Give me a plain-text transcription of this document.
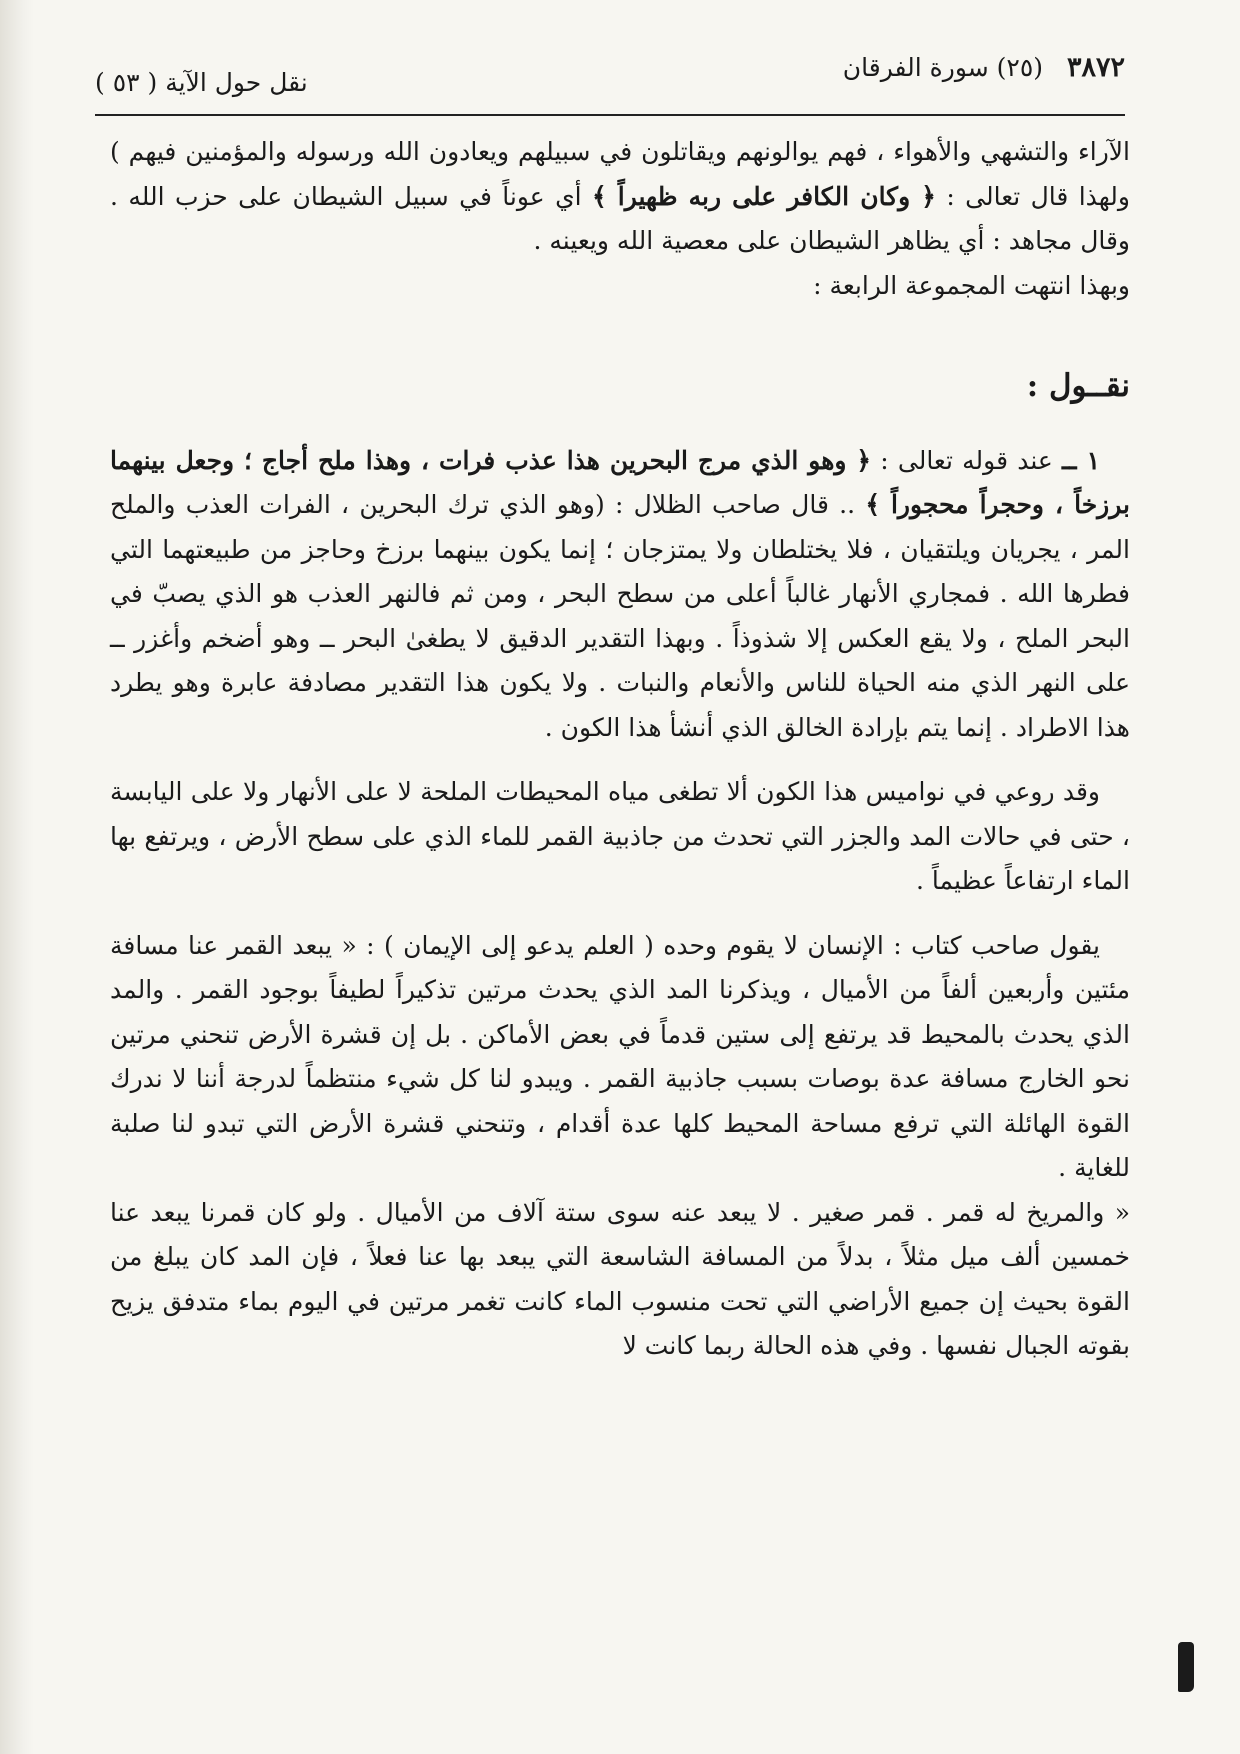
٣٨٧٢ (٢٥) سورة الفرقان
نقل حول الآية ( ٥٣ )

الآراء والتشهي والأهواء ، فهم يوالونهم ويقاتلون في سبيلهم ويعادون الله ورسوله والمؤمنين فيهم ) ولهذا قال تعالى : ﴿ وكان الكافر على ربه ظهيراً ﴾ أي عوناً في سبيل الشيطان على حزب الله . وقال مجاهد : أي يظاهر الشيطان على معصية الله ويعينه .

وبهذا انتهت المجموعة الرابعة :

نقــول :

١ ــ عند قوله تعالى : ﴿ وهو الذي مرج البحرين هذا عذب فرات ، وهذا ملح أجاج ؛ وجعل بينهما برزخاً ، وحجراً محجوراً ﴾ .. قال صاحب الظلال : (وهو الذي ترك البحرين ، الفرات العذب والملح المر ، يجريان ويلتقيان ، فلا يختلطان ولا يمتزجان ؛ إنما يكون بينهما برزخ وحاجز من طبيعتهما التي فطرها الله . فمجاري الأنهار غالباً أعلى من سطح البحر ، ومن ثم فالنهر العذب هو الذي يصبّ في البحر الملح ، ولا يقع العكس إلا شذوذاً . وبهذا التقدير الدقيق لا يطغىٰ البحر ــ وهو أضخم وأغزر ــ على النهر الذي منه الحياة للناس والأنعام والنبات . ولا يكون هذا التقدير مصادفة عابرة وهو يطرد هذا الاطراد . إنما يتم بإرادة الخالق الذي أنشأ هذا الكون .

وقد روعي في نواميس هذا الكون ألا تطغى مياه المحيطات الملحة لا على الأنهار ولا على اليابسة ، حتى في حالات المد والجزر التي تحدث من جاذبية القمر للماء الذي على سطح الأرض ، ويرتفع بها الماء ارتفاعاً عظيماً .

يقول صاحب كتاب : الإنسان لا يقوم وحده ( العلم يدعو إلى الإيمان ) : « يبعد القمر عنا مسافة مئتين وأربعين ألفاً من الأميال ، ويذكرنا المد الذي يحدث مرتين تذكيراً لطيفاً بوجود القمر . والمد الذي يحدث بالمحيط قد يرتفع إلى ستين قدماً في بعض الأماكن . بل إن قشرة الأرض تنحني مرتين نحو الخارج مسافة عدة بوصات بسبب جاذبية القمر . ويبدو لنا كل شيء منتظماً لدرجة أننا لا ندرك القوة الهائلة التي ترفع مساحة المحيط كلها عدة أقدام ، وتنحني قشرة الأرض التي تبدو لنا صلبة للغاية .

« والمريخ له قمر . قمر صغير . لا يبعد عنه سوى ستة آلاف من الأميال . ولو كان قمرنا يبعد عنا خمسين ألف ميل مثلاً ، بدلاً من المسافة الشاسعة التي يبعد بها عنا فعلاً ، فإن المد كان يبلغ من القوة بحيث إن جميع الأراضي التي تحت منسوب الماء كانت تغمر مرتين في اليوم بماء متدفق يزيح بقوته الجبال نفسها . وفي هذه الحالة ربما كانت لا
